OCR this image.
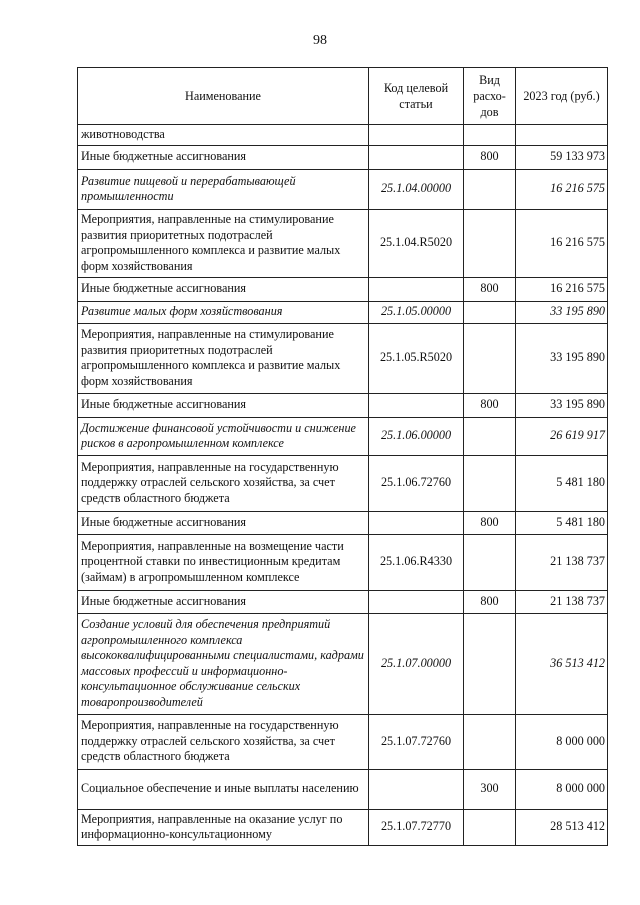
98
Наименование	Код целевой статьи	Вид расхо-дов	2023 год (руб.)
животноводства			
Иные бюджетные ассигнования		800	59 133 973
Развитие пищевой и перерабатывающей промышленности	25.1.04.00000		16 216 575
Мероприятия, направленные на стимулирование развития приоритетных подотраслей агропромышленного комплекса и развитие малых форм хозяйствования	25.1.04.R5020		16 216 575
Иные бюджетные ассигнования		800	16 216 575
Развитие малых форм хозяйствования	25.1.05.00000		33 195 890
Мероприятия, направленные на стимулирование развития приоритетных подотраслей агропромышленного комплекса и развитие малых форм хозяйствования	25.1.05.R5020		33 195 890
Иные бюджетные ассигнования		800	33 195 890
Достижение финансовой устойчивости и снижение рисков в агропромышленном комплексе	25.1.06.00000		26 619 917
Мероприятия, направленные на государственную поддержку отраслей сельского хозяйства, за счет средств областного бюджета	25.1.06.72760		5 481 180
Иные бюджетные ассигнования		800	5 481 180
Мероприятия, направленные на возмещение части процентной ставки по инвестиционным кредитам (займам) в агропромышленном комплексе	25.1.06.R4330		21 138 737
Иные бюджетные ассигнования		800	21 138 737
Создание условий для обеспечения предприятий агропромышленного комплекса высококвалифицированными специалистами, кадрами массовых профессий и информационно-консультационное обслуживание сельских товаропроизводителей	25.1.07.00000		36 513 412
Мероприятия, направленные на государственную поддержку отраслей сельского хозяйства, за счет средств областного бюджета	25.1.07.72760		8 000 000
Социальное обеспечение и иные выплаты населению		300	8 000 000
Мероприятия, направленные на оказание услуг по информационно-консультационному	25.1.07.72770		28 513 412
